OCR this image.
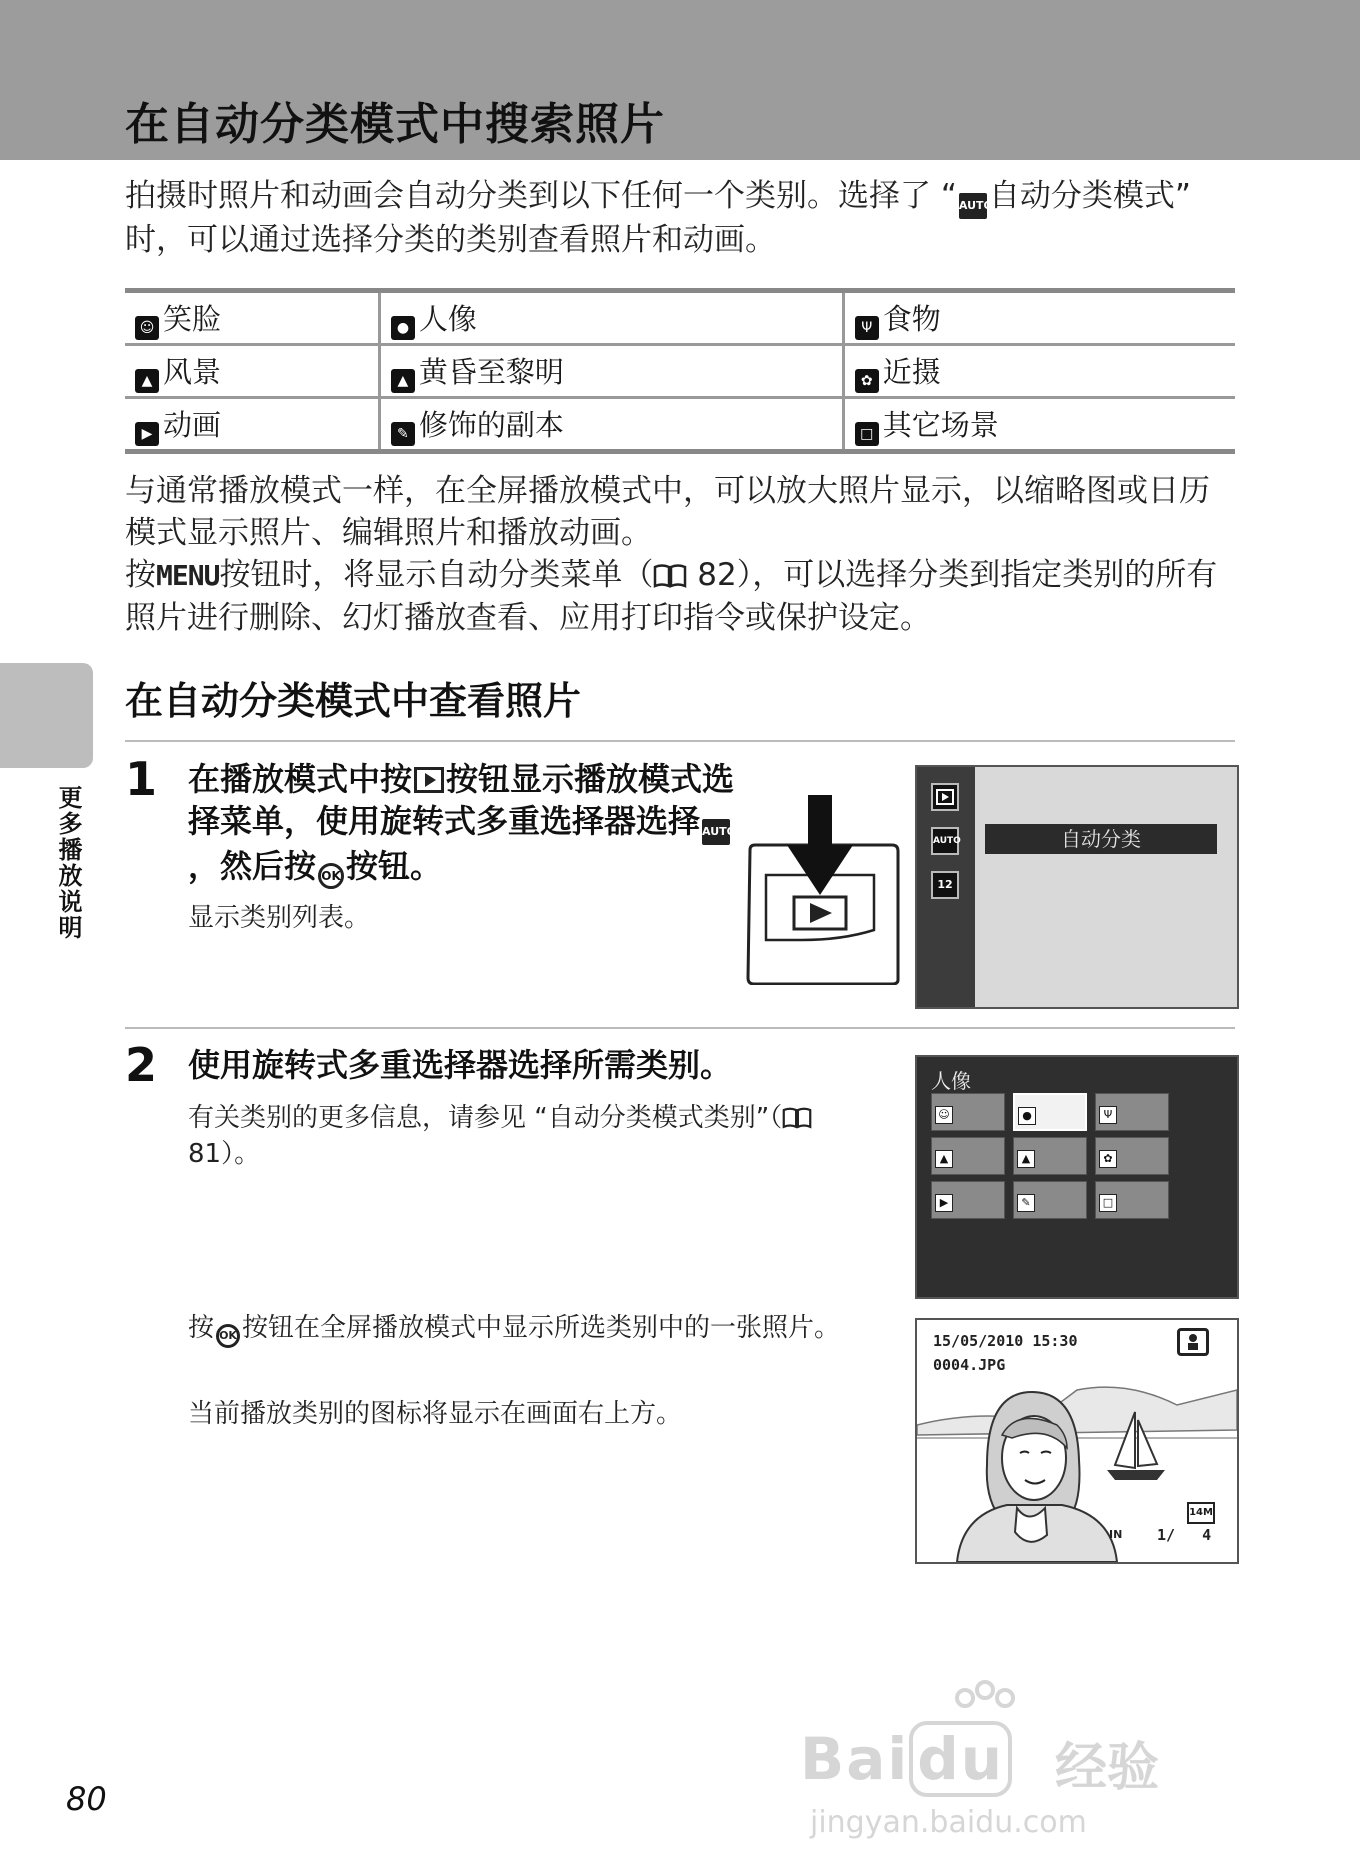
在自动分类模式中搜索照片
拍摄时照片和动画会自动分类到以下任何一个类别。选择了 “ AUTO自动分类模式” 时，可以通过选择分类的类别查看照片和动画。
☺ 笑脸	● 人像	Ψ 食物
▲ 风景	▲ 黄昏至黎明	✿ 近摄
▶ 动画	✎ 修饰的副本	□ 其它场景
与通常播放模式一样，在全屏播放模式中，可以放大照片显示，以缩略图或日历模式显示照片、编辑照片和播放动画。
按MENU按钮时，将显示自动分类菜单（ 82），可以选择分类到指定类别的所有照片进行删除、幻灯播放查看、应用打印指令或保护设定。
在自动分类模式中查看照片
1 在播放模式中按 按钮显示播放模式选择菜单，使用旋转式多重选择器选择 AUTO，然后按 OK 按钮。
显示类别列表。
AUTO
12
自动分类
2 使用旋转式多重选择器选择所需类别。
有关类别的更多信息，请参见 “自动分类模式类别”（ 81）。
人像
☺	●	Ψ
▲	▲	✿
▶	✎	□
按 OK 按钮在全屏播放模式中显示所选类别中的一张照片。
当前播放类别的图标将显示在画面右上方。
15/05/2010 15:30
0004.JPG
14M
IN 1/   4
更多播放说明
80
Bai du 经验
jingyan.baidu.com
